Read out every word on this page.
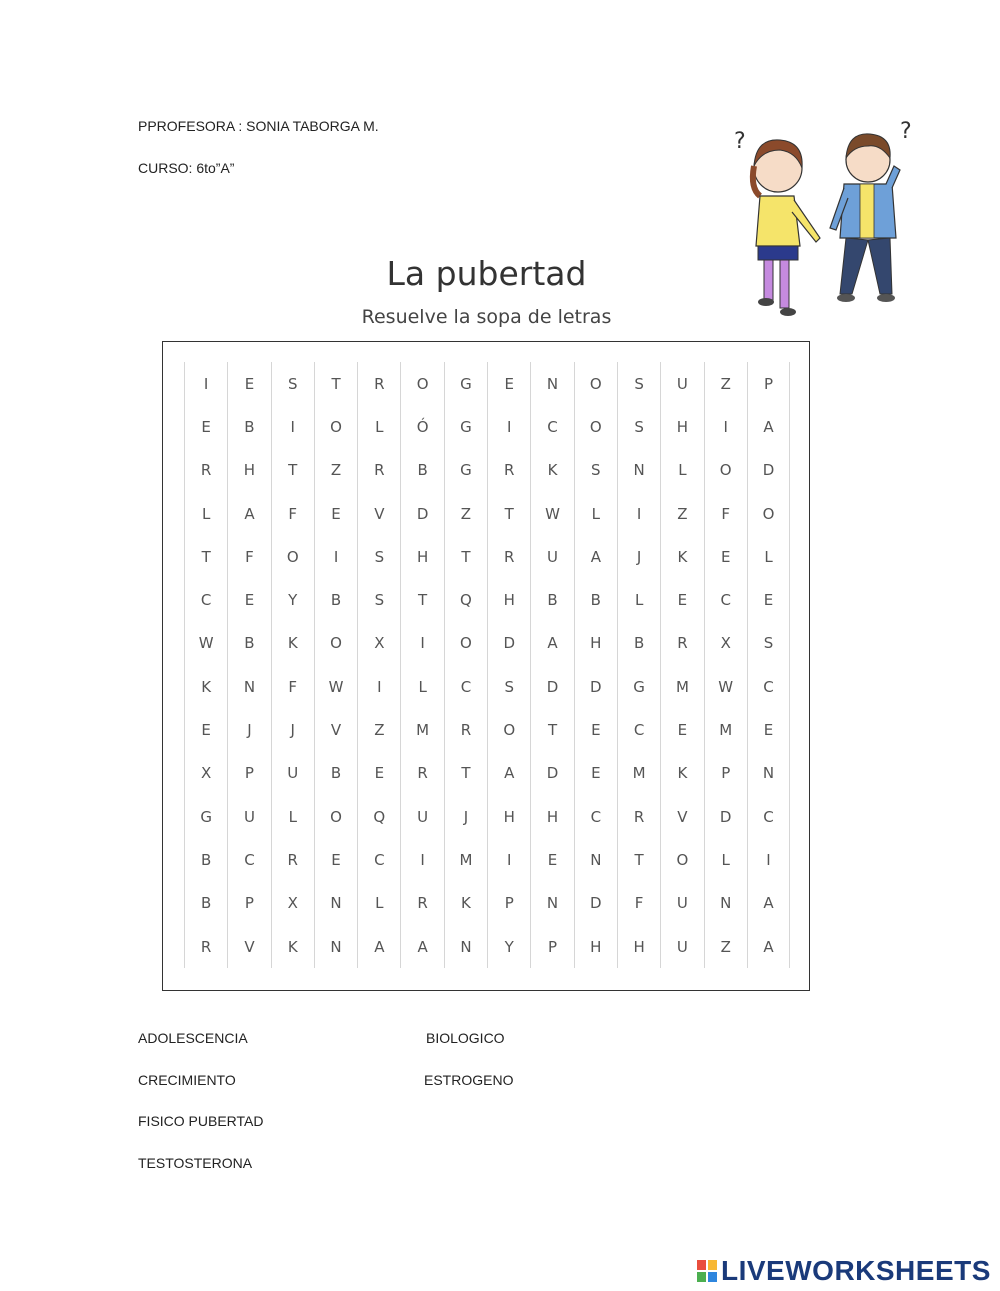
PPROFESORA : SONIA TABORGA M.
CURSO: 6to”A”
?	?
La pubertad
Resuelve la sopa de letras
I	E	S	T	R	O	G	E	N	O	S	U	Z	P
E	B	I	O	L	Ó	G	I	C	O	S	H	I	A
R	H	T	Z	R	B	G	R	K	S	N	L	O	D
L	A	F	E	V	D	Z	T	W	L	I	Z	F	O
T	F	O	I	S	H	T	R	U	A	J	K	E	L
C	E	Y	B	S	T	Q	H	B	B	L	E	C	E
W	B	K	O	X	I	O	D	A	H	B	R	X	S
K	N	F	W	I	L	C	S	D	D	G	M	W	C
E	J	J	V	Z	M	R	O	T	E	C	E	M	E
X	P	U	B	E	R	T	A	D	E	M	K	P	N
G	U	L	O	Q	U	J	H	H	C	R	V	D	C
B	C	R	E	C	I	M	I	E	N	T	O	L	I
B	P	X	N	L	R	K	P	N	D	F	U	N	A
R	V	K	N	A	A	N	Y	P	H	H	U	Z	A
ADOLESCENCIA
CRECIMIENTO
FISICO PUBERTAD
TESTOSTERONA
BIOLOGICO
ESTROGENO
LIVEWORKSHEETS
